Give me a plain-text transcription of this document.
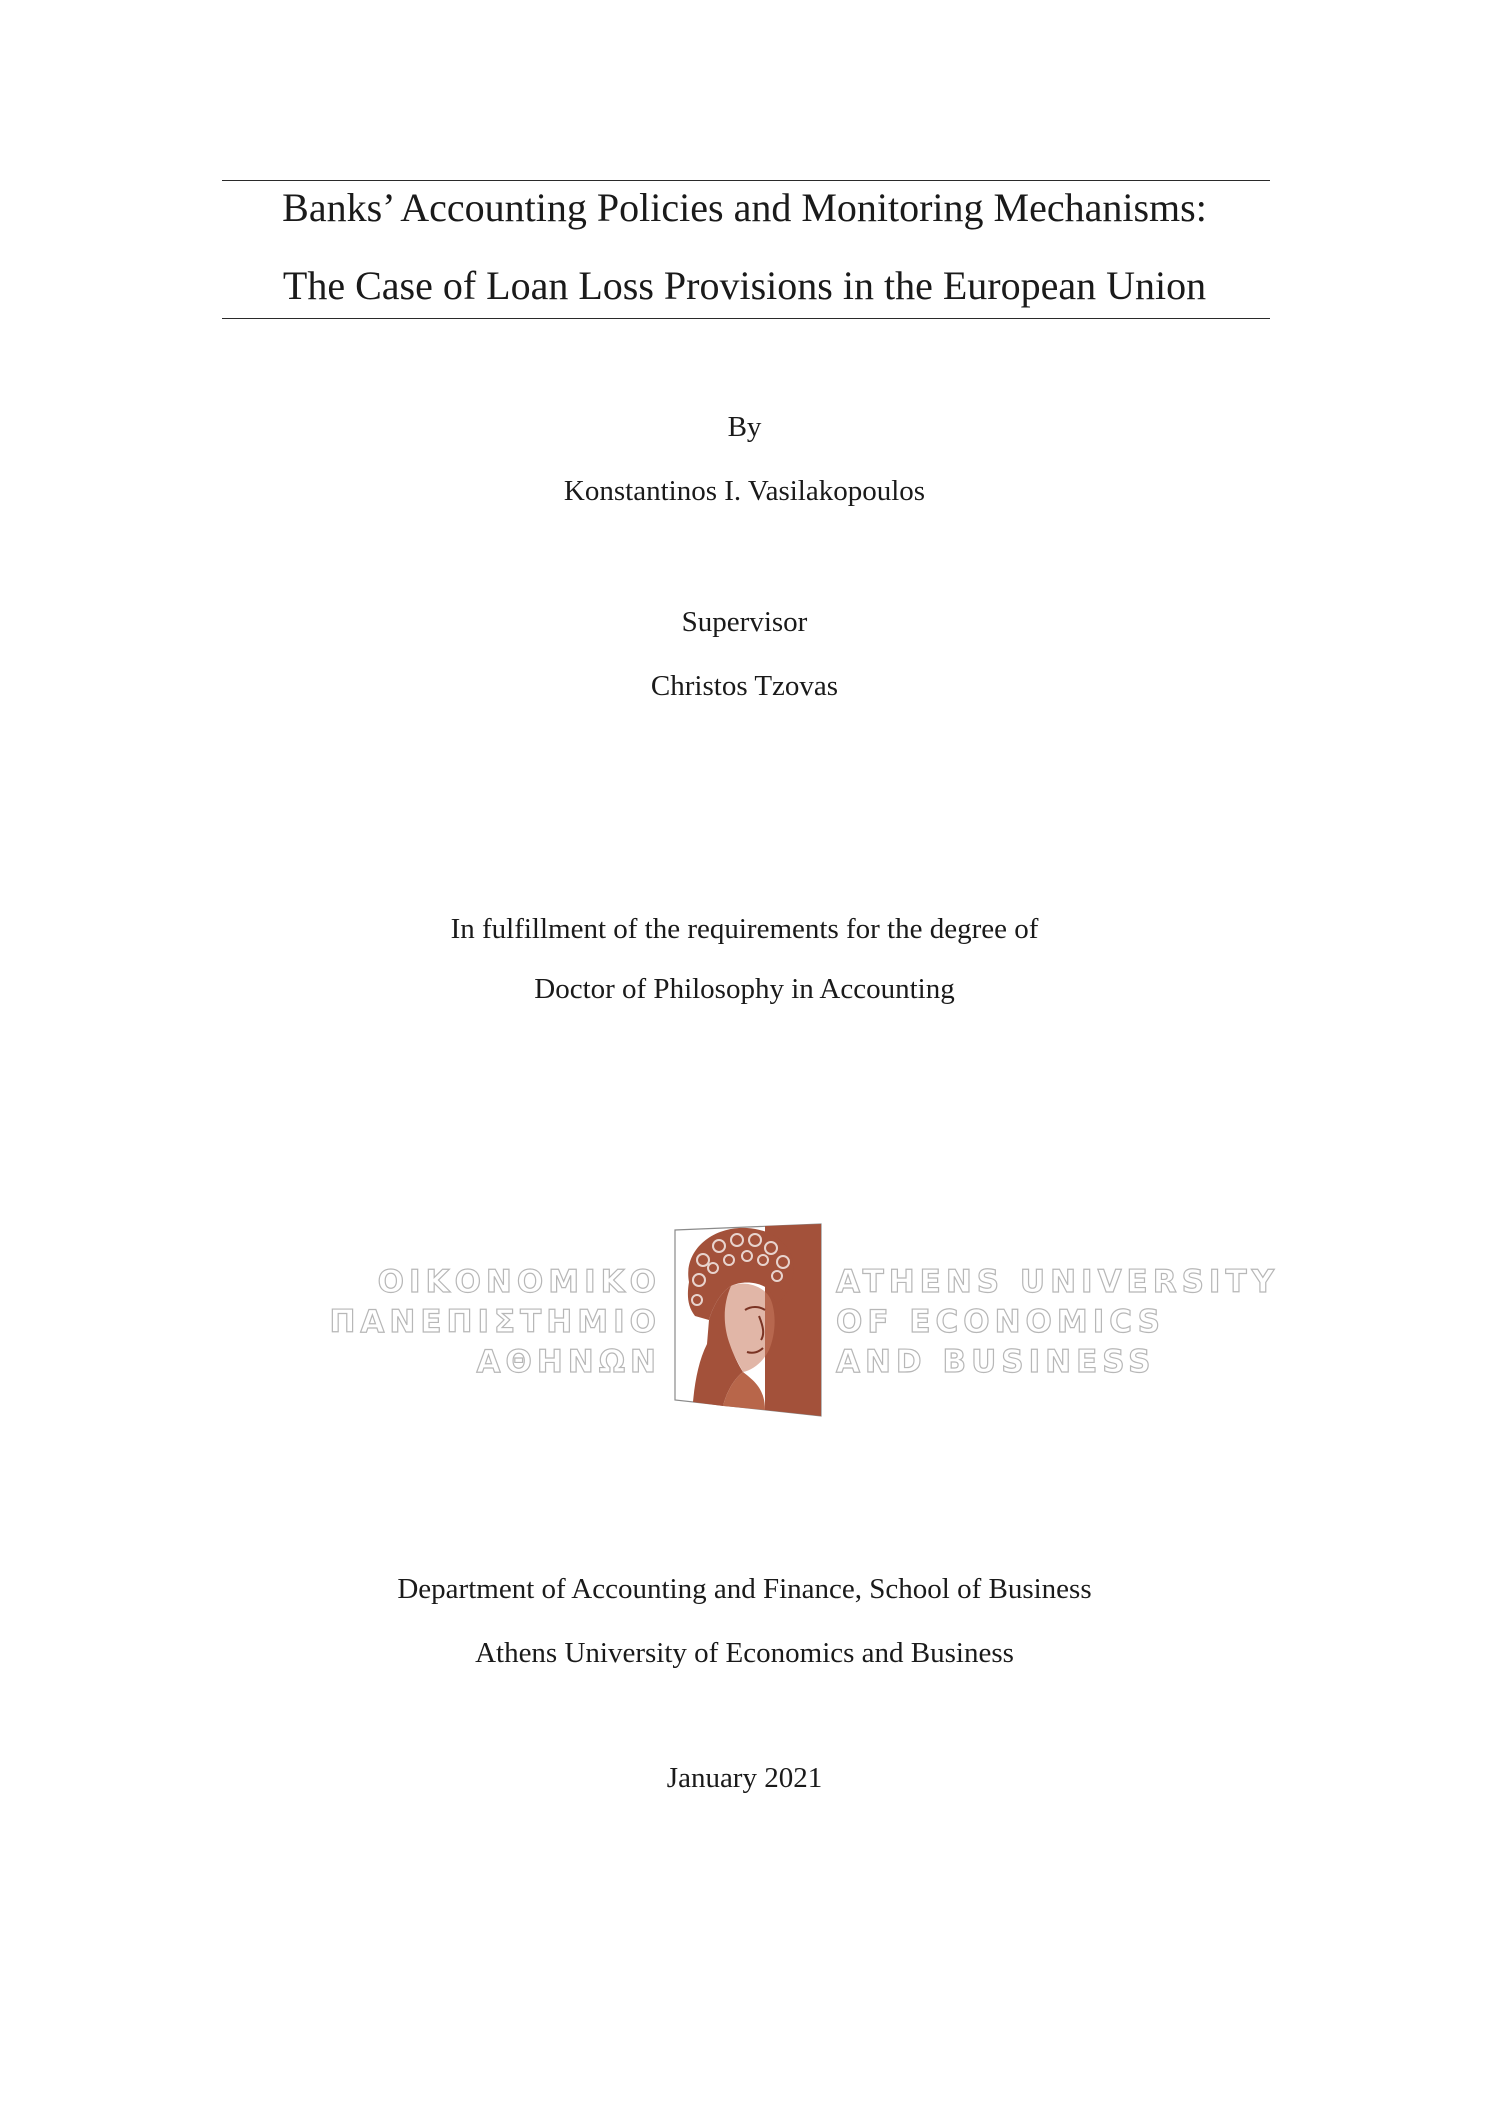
Banks’ Accounting Policies and Monitoring Mechanisms:
The Case of Loan Loss Provisions in the European Union
By
Konstantinos I. Vasilakopoulos
Supervisor
Christos Tzovas
In fulfillment of the requirements for the degree of
Doctor of Philosophy in Accounting
ΟΙΚΟΝΟΜΙΚΟ
ΠΑΝΕΠΙΣΤΗΜΙΟ
ΑΘΗΝΩΝ
ATHENS UNIVERSITY
OF ECONOMICS
AND BUSINESS
Department of Accounting and Finance, School of Business
Athens University of Economics and Business
January 2021
